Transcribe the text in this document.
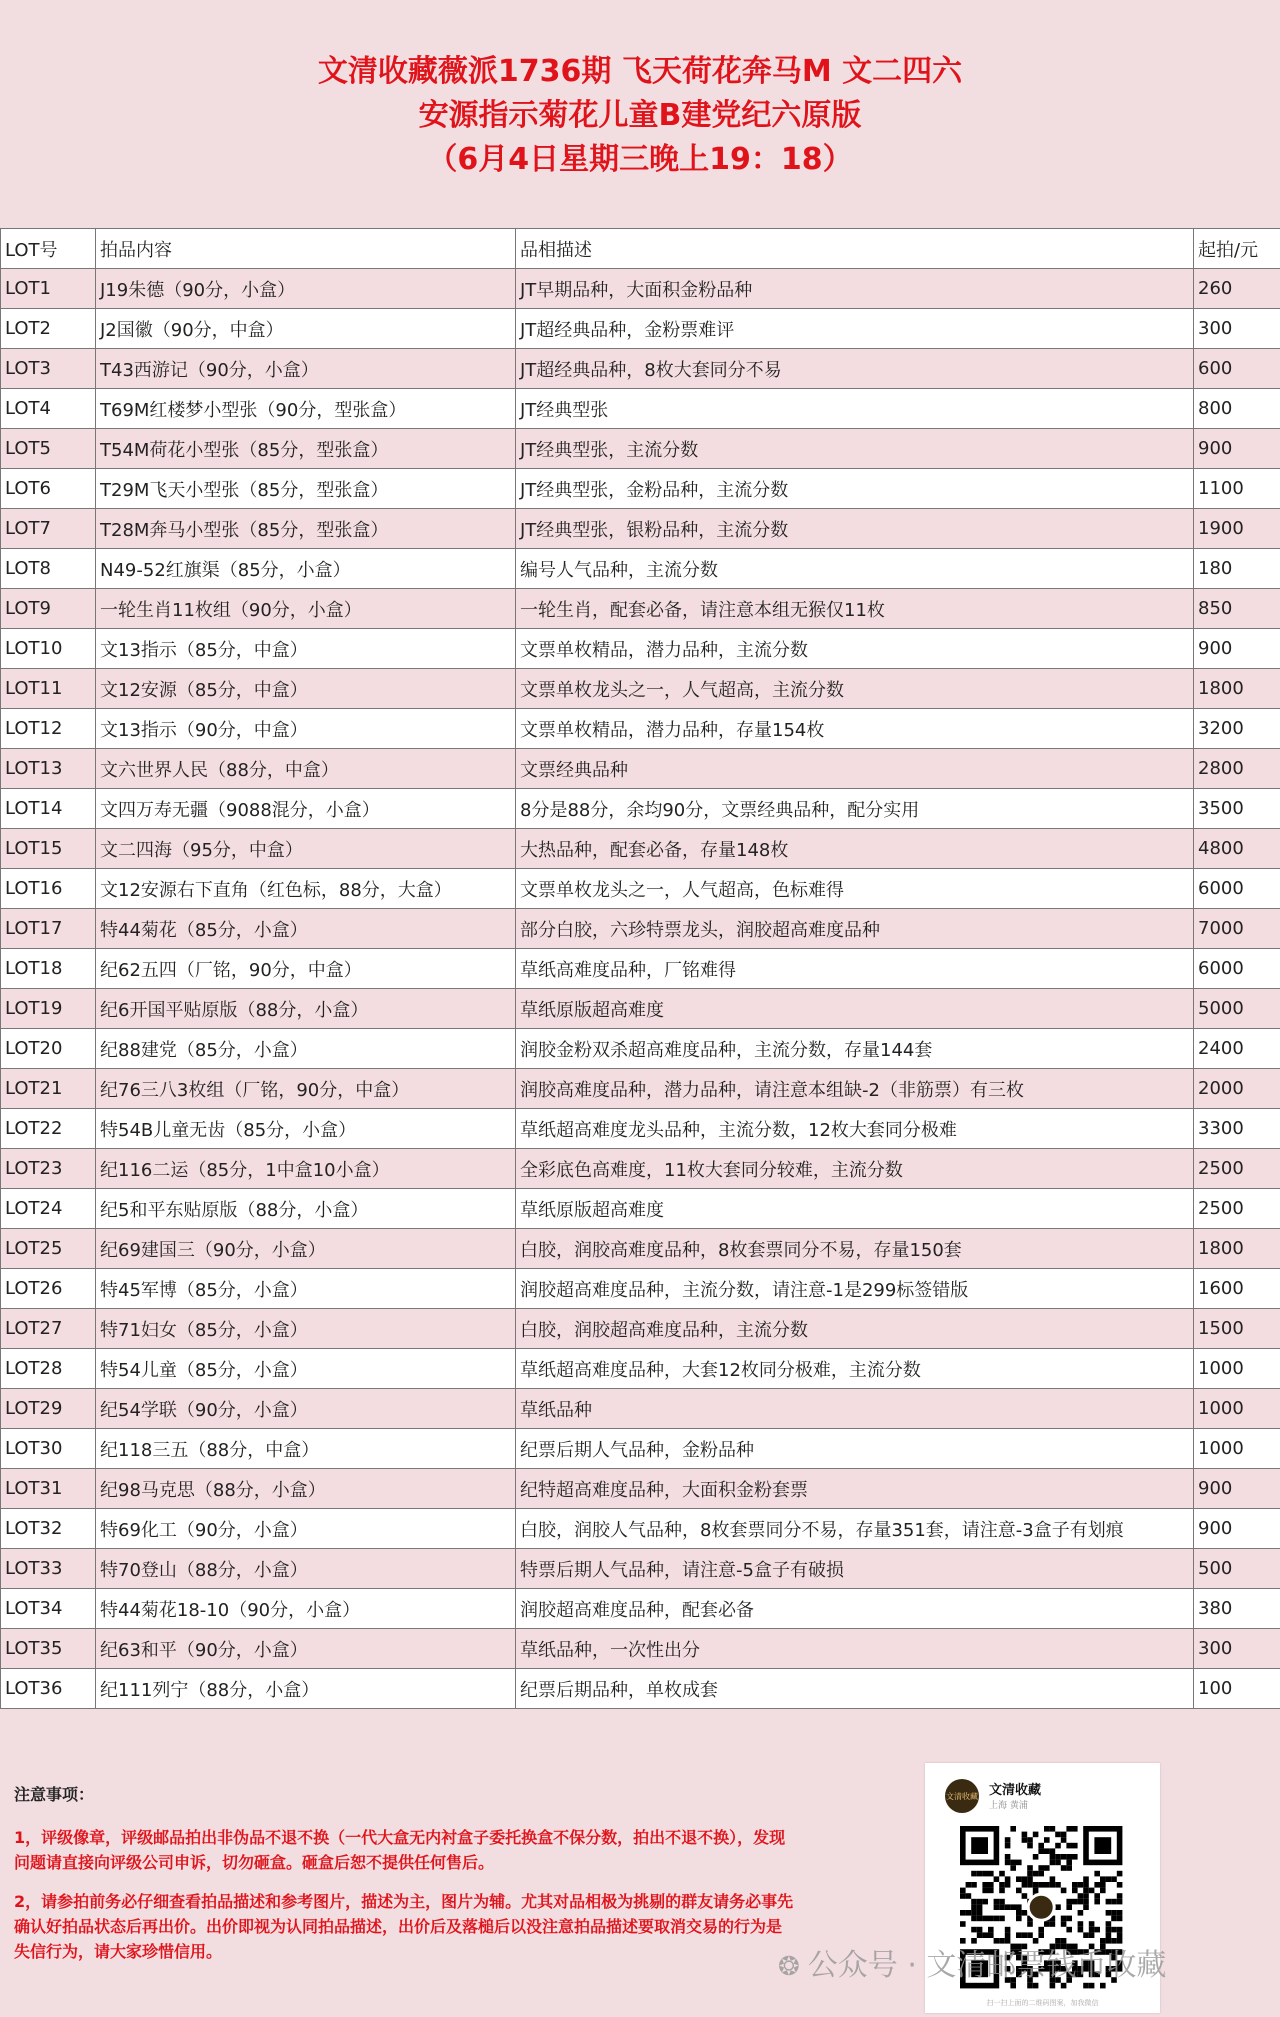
文清收藏薇派1736期 飞天荷花奔马M 文二四六
安源指示菊花儿童B建党纪六原版
（6月4日星期三晚上19：18）
LOT号	拍品内容	品相描述	起拍/元
LOT1	J19朱德（90分，小盒）	JT早期品种，大面积金粉品种	260
LOT2	J2国徽（90分，中盒）	JT超经典品种，金粉票难评	300
LOT3	T43西游记（90分，小盒）	JT超经典品种，8枚大套同分不易	600
LOT4	T69M红楼梦小型张（90分，型张盒）	JT经典型张	800
LOT5	T54M荷花小型张（85分，型张盒）	JT经典型张，主流分数	900
LOT6	T29M飞天小型张（85分，型张盒）	JT经典型张，金粉品种，主流分数	1100
LOT7	T28M奔马小型张（85分，型张盒）	JT经典型张，银粉品种，主流分数	1900
LOT8	N49-52红旗渠（85分，小盒）	编号人气品种，主流分数	180
LOT9	一轮生肖11枚组（90分，小盒）	一轮生肖，配套必备，请注意本组无猴仅11枚	850
LOT10	文13指示（85分，中盒）	文票单枚精品，潜力品种，主流分数	900
LOT11	文12安源（85分，中盒）	文票单枚龙头之一，人气超高，主流分数	1800
LOT12	文13指示（90分，中盒）	文票单枚精品，潜力品种，存量154枚	3200
LOT13	文六世界人民（88分，中盒）	文票经典品种	2800
LOT14	文四万寿无疆（9088混分，小盒）	8分是88分，余均90分，文票经典品种，配分实用	3500
LOT15	文二四海（95分，中盒）	大热品种，配套必备，存量148枚	4800
LOT16	文12安源右下直角（红色标，88分，大盒）	文票单枚龙头之一，人气超高，色标难得	6000
LOT17	特44菊花（85分，小盒）	部分白胶，六珍特票龙头，润胶超高难度品种	7000
LOT18	纪62五四（厂铭，90分，中盒）	草纸高难度品种，厂铭难得	6000
LOT19	纪6开国平贴原版（88分，小盒）	草纸原版超高难度	5000
LOT20	纪88建党（85分，小盒）	润胶金粉双杀超高难度品种，主流分数，存量144套	2400
LOT21	纪76三八3枚组（厂铭，90分，中盒）	润胶高难度品种，潜力品种，请注意本组缺-2（非筋票）有三枚	2000
LOT22	特54B儿童无齿（85分，小盒）	草纸超高难度龙头品种，主流分数，12枚大套同分极难	3300
LOT23	纪116二运（85分，1中盒10小盒）	全彩底色高难度，11枚大套同分较难，主流分数	2500
LOT24	纪5和平东贴原版（88分，小盒）	草纸原版超高难度	2500
LOT25	纪69建国三（90分，小盒）	白胶，润胶高难度品种，8枚套票同分不易，存量150套	1800
LOT26	特45军博（85分，小盒）	润胶超高难度品种，主流分数，请注意-1是299标签错版	1600
LOT27	特71妇女（85分，小盒）	白胶，润胶超高难度品种，主流分数	1500
LOT28	特54儿童（85分，小盒）	草纸超高难度品种，大套12枚同分极难，主流分数	1000
LOT29	纪54学联（90分，小盒）	草纸品种	1000
LOT30	纪118三五（88分，中盒）	纪票后期人气品种，金粉品种	1000
LOT31	纪98马克思（88分，小盒）	纪特超高难度品种，大面积金粉套票	900
LOT32	特69化工（90分，小盒）	白胶，润胶人气品种，8枚套票同分不易，存量351套，请注意-3盒子有划痕	900
LOT33	特70登山（88分，小盒）	特票后期人气品种，请注意-5盒子有破损	500
LOT34	特44菊花18-10（90分，小盒）	润胶超高难度品种，配套必备	380
LOT35	纪63和平（90分，小盒）	草纸品种，一次性出分	300
LOT36	纪111列宁（88分，小盒）	纪票后期品种，单枚成套	100
注意事项：

1，评级像章，评级邮品拍出非伪品不退不换（一代大盒无内衬盒子委托换盒不保分数，拍出不退不换），发现问题请直接向评级公司申诉，切勿砸盒。砸盒后恕不提供任何售后。

2，请参拍前务必仔细查看拍品描述和参考图片，描述为主，图片为辅。尤其对品相极为挑剔的群友请务必事先确认好拍品状态后再出价。出价即视为认同拍品描述，出价后及落槌后以没注意拍品描述要取消交易的行为是失信行为，请大家珍惜信用。

文清收藏 文清收藏
上海 黄浦
扫一扫上面的二维码图案，加我微信
❂ 公众号 · 文清邮票钱币收藏
